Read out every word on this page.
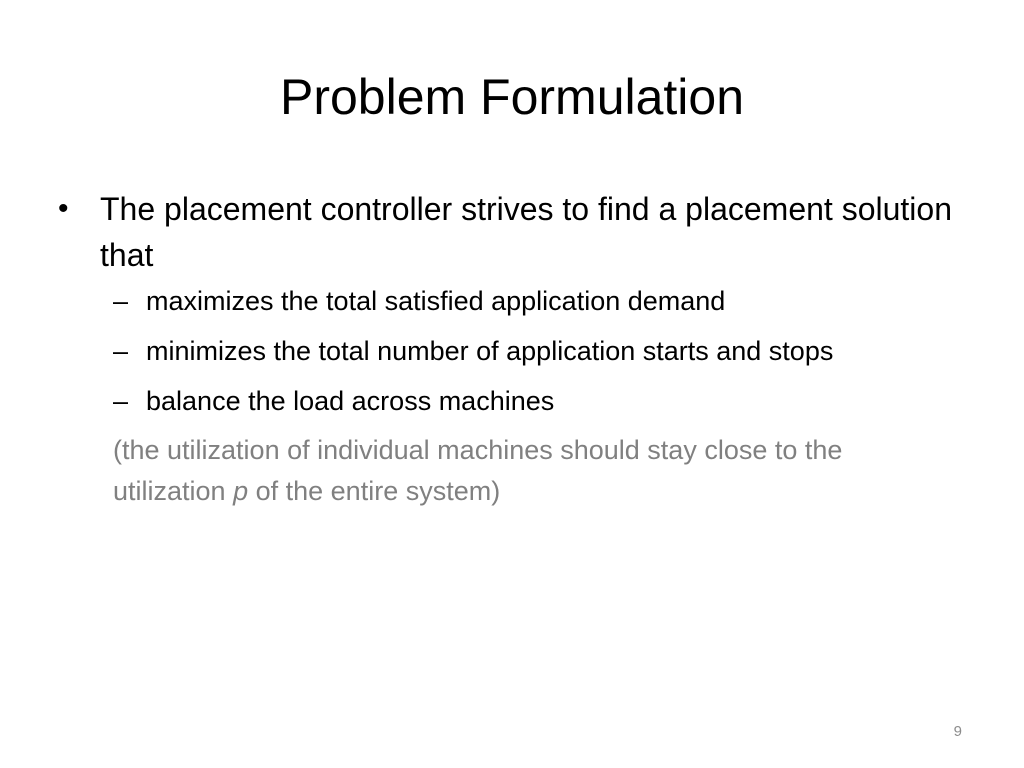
Problem Formulation
• The placement controller strives to find a placement solution that
– maximizes the total satisfied application demand
– minimizes the total number of application starts and stops
– balance the load across machines
(the utilization of individual machines should stay close to the utilization p of the entire system)
9
